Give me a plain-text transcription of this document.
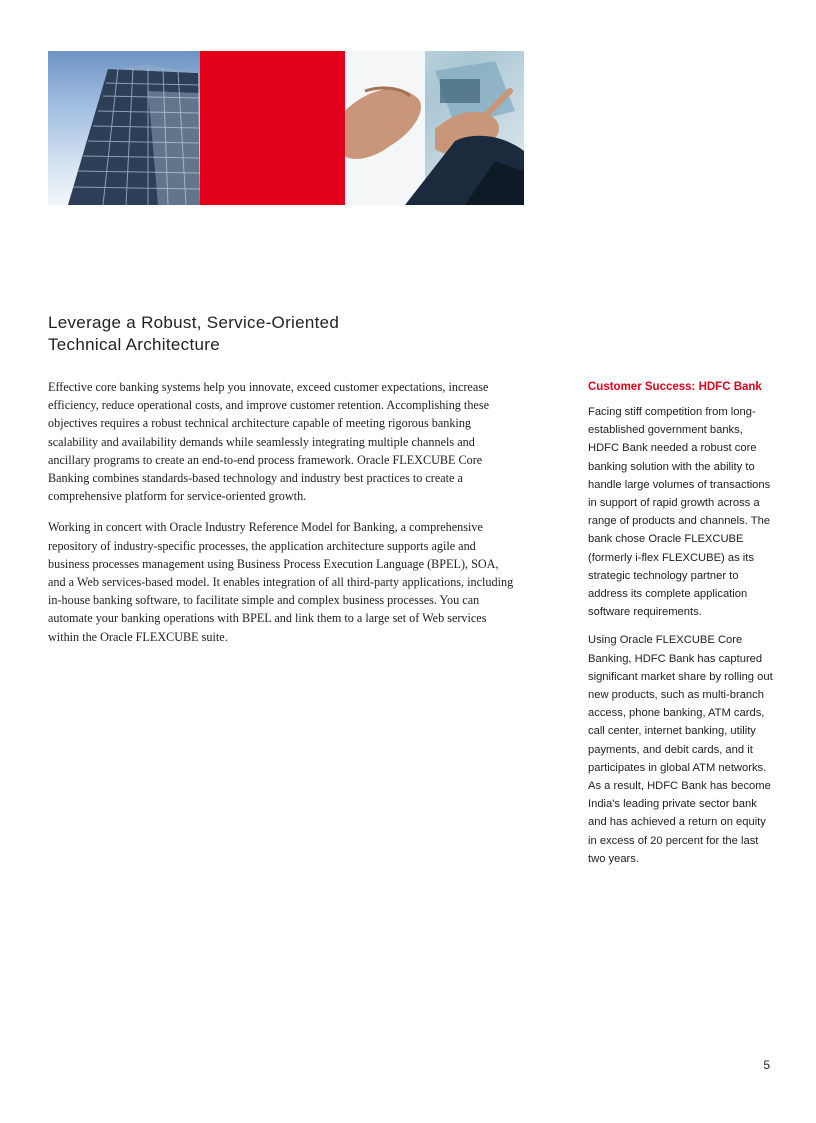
Leverage a Robust, Service-Oriented
Technical Architecture

Effective core banking systems help you innovate, exceed customer expectations, increase efficiency, reduce operational costs, and improve customer retention. Accomplishing these objectives requires a robust technical architecture capable of meeting rigorous banking scalability and availability demands while seamlessly integrating multiple channels and ancillary programs to create an end-to-end process framework. Oracle FLEXCUBE Core Banking combines standards-based technology and industry best practices to create a comprehensive platform for service-oriented growth.

Working in concert with Oracle Industry Reference Model for Banking, a comprehensive repository of industry-specific processes, the application architecture supports agile and business processes management using Business Process Execution Language (BPEL), SOA, and a Web services-based model. It enables integration of all third-party applications, including in-house banking software, to facilitate simple and complex business processes. You can automate your banking operations with BPEL and link them to a large set of Web services within the Oracle FLEXCUBE suite.

Customer Success: HDFC Bank

Facing stiff competition from long-established government banks, HDFC Bank needed a robust core banking solution with the ability to handle large volumes of transactions in support of rapid growth across a range of products and channels. The bank chose Oracle FLEXCUBE (formerly i-flex FLEXCUBE) as its strategic technology partner to address its complete application software requirements.

Using Oracle FLEXCUBE Core Banking, HDFC Bank has captured significant market share by rolling out new products, such as multi-branch access, phone banking, ATM cards, call center, internet banking, utility payments, and debit cards, and it participates in global ATM networks. As a result, HDFC Bank has become India's leading private sector bank and has achieved a return on equity in excess of 20 percent for the last two years.

5
